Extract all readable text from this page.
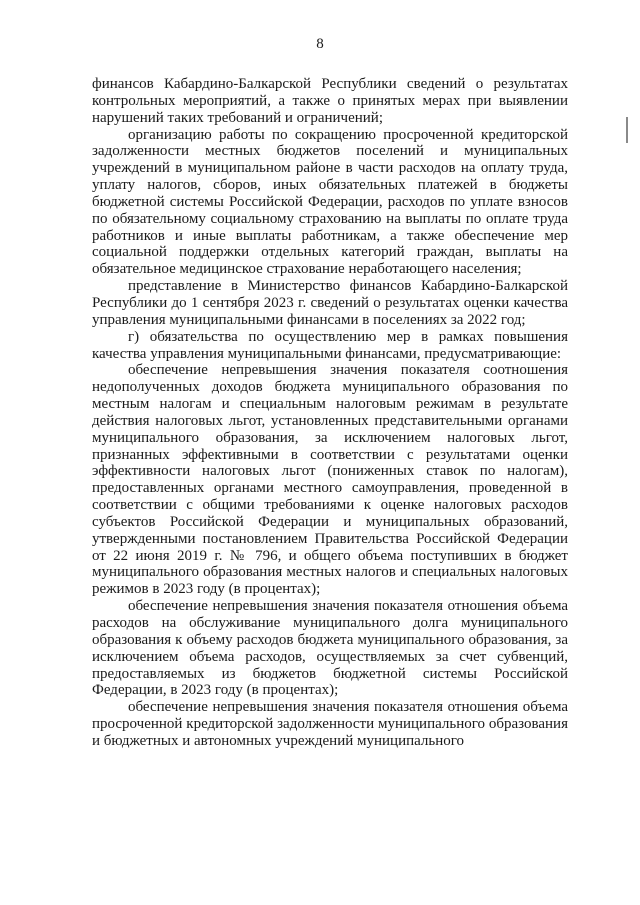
8

финансов Кабардино-Балкарской Республики сведений о результатах контрольных мероприятий, а также о принятых мерах при выявлении нарушений таких требований и ограничений;

организацию работы по сокращению просроченной кредиторской задолженности местных бюджетов поселений и муниципальных учреждений в муниципальном районе в части расходов на оплату труда, уплату налогов, сборов, иных обязательных платежей в бюджеты бюджетной системы Российской Федерации, расходов по уплате взносов по обязательному социальному страхованию на выплаты по оплате труда работников и иные выплаты работникам, а также обеспечение мер социальной поддержки отдельных категорий граждан, выплаты на обязательное медицинское страхование неработающего населения;

представление в Министерство финансов Кабардино-Балкарской Республики до 1 сентября 2023 г. сведений о результатах оценки качества управления муниципальными финансами в поселениях за 2022 год;

г) обязательства по осуществлению мер в рамках повышения качества управления муниципальными финансами, предусматривающие:

обеспечение непревышения значения показателя соотношения недополученных доходов бюджета муниципального образования по местным налогам и специальным налоговым режимам в результате действия налоговых льгот, установленных представительными органами муниципального образования, за исключением налоговых льгот, признанных эффективными в соответствии с результатами оценки эффективности налоговых льгот (пониженных ставок по налогам), предоставленных органами местного самоуправления, проведенной в соответствии с общими требованиями к оценке налоговых расходов субъектов Российской Федерации и муниципальных образований, утвержденными постановлением Правительства Российской Федерации от 22 июня 2019 г. № 796, и общего объема поступивших в бюджет муниципального образования местных налогов и специальных налоговых режимов в 2023 году (в процентах);

обеспечение непревышения значения показателя отношения объема расходов на обслуживание муниципального долга муниципального образования к объему расходов бюджета муниципального образования, за исключением объема расходов, осуществляемых за счет субвенций, предоставляемых из бюджетов бюджетной системы Российской Федерации, в 2023 году (в процентах);

обеспечение непревышения значения показателя отношения объема просроченной кредиторской задолженности муниципального образования и бюджетных и автономных учреждений муниципального
